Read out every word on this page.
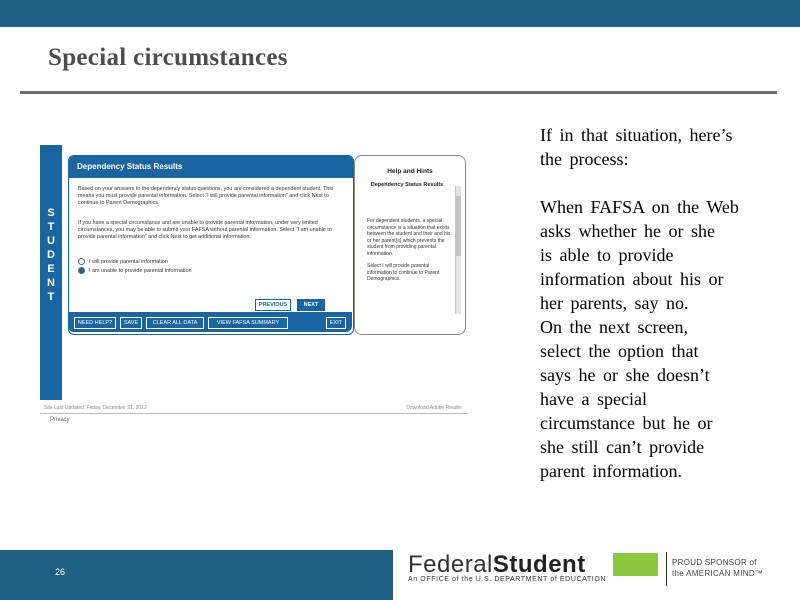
Special circumstances
S
T
U
D
E
N
T
Dependency Status Results
Based on your answers to the dependency status questions, you are considered a dependent student. This means you must provide parental information. Select “I will provide parental information” and click Next to continue to Parent Demographics.
If you have a special circumstance and are unable to provide parental information, under very limited circumstances, you may be able to submit your FAFSA without parental information. Select “I am unable to provide parental information” and click Next to get additional information.
I will provide parental information
I am unable to provide parental information
PREVIOUS	NEXT
NEED HELP?	SAVE	CLEAR ALL DATA	VIEW FAFSA SUMMARY	EXIT
Help and Hints
Dependency Status Results
For dependent students, a special circumstance is a situation that exists between the student and their and his or her parent(s) which prevents the student from providing parental information.
Select I will provide parental information to continue to Parent Demographics.
Site Last Updated: Friday, December 21, 2012	Download Adobe Reader
Privacy

If in that situation, here’s

the process:

When FAFSA on the Web

asks whether he or she

is able to provide

information about his or

her parents, say no.

On the next screen,

select the option that

says he or she doesn’t

have a special

circumstance but he or

she still can’t provide

parent information.

26	FederalStudent
An OFFICE of the U.S. DEPARTMENT of EDUCATION
PROUD SPONSOR of
the AMERICAN MIND™
